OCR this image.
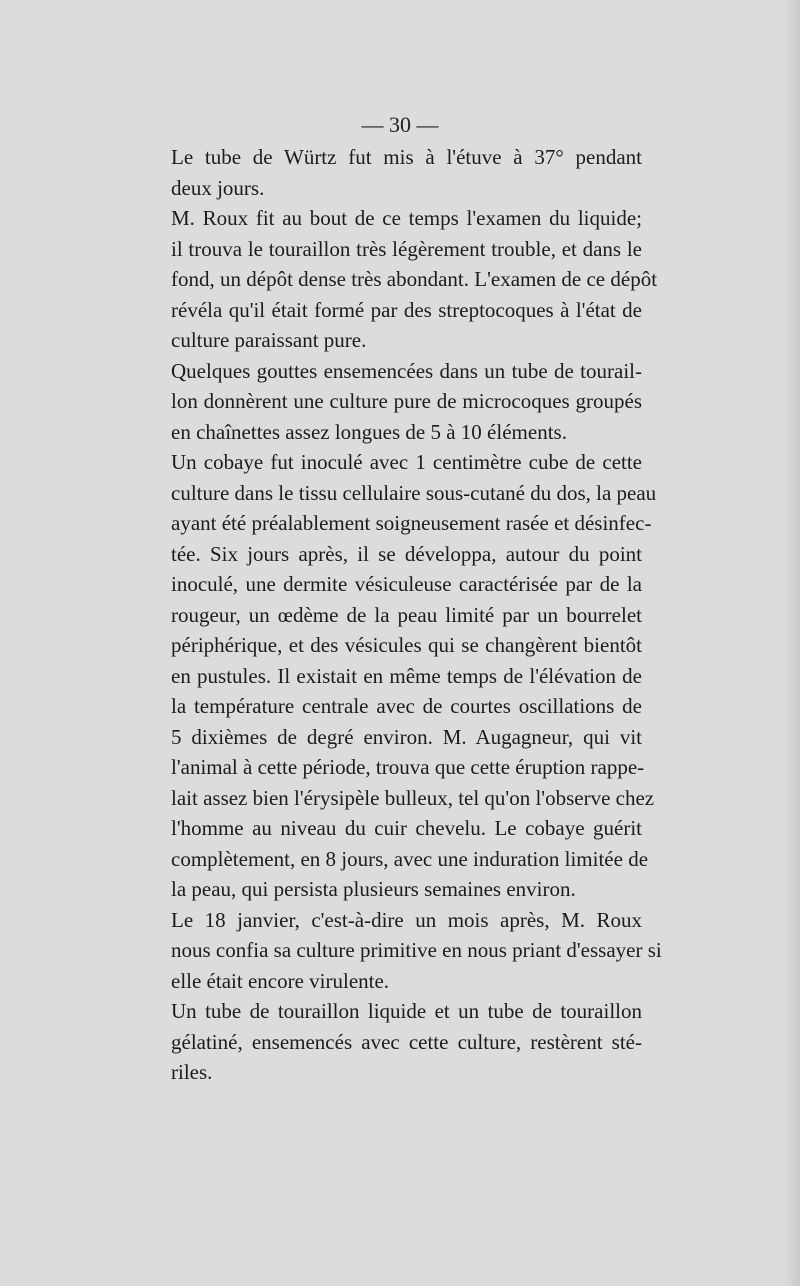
— 30 —

Le tube de Würtz fut mis à l'étuve à 37° pendant
deux jours.

M. Roux fit au bout de ce temps l'examen du liquide;
il trouva le touraillon très légèrement trouble, et dans le
fond, un dépôt dense très abondant. L'examen de ce dépôt
révéla qu'il était formé par des streptocoques à l'état de
culture paraissant pure.

Quelques gouttes ensemencées dans un tube de tourail-
lon donnèrent une culture pure de microcoques groupés
en chaînettes assez longues de 5 à 10 éléments.

Un cobaye fut inoculé avec 1 centimètre cube de cette
culture dans le tissu cellulaire sous-cutané du dos, la peau
ayant été préalablement soigneusement rasée et désinfec-
tée. Six jours après, il se développa, autour du point
inoculé, une dermite vésiculeuse caractérisée par de la
rougeur, un œdème de la peau limité par un bourrelet
périphérique, et des vésicules qui se changèrent bientôt
en pustules. Il existait en même temps de l'élévation de
la température centrale avec de courtes oscillations de
5 dixièmes de degré environ. M. Augagneur, qui vit
l'animal à cette période, trouva que cette éruption rappe-
lait assez bien l'érysipèle bulleux, tel qu'on l'observe chez
l'homme au niveau du cuir chevelu. Le cobaye guérit
complètement, en 8 jours, avec une induration limitée de
la peau, qui persista plusieurs semaines environ.

Le 18 janvier, c'est-à-dire un mois après, M. Roux
nous confia sa culture primitive en nous priant d'essayer si
elle était encore virulente.

Un tube de touraillon liquide et un tube de touraillon
gélatiné, ensemencés avec cette culture, restèrent sté-
riles.
